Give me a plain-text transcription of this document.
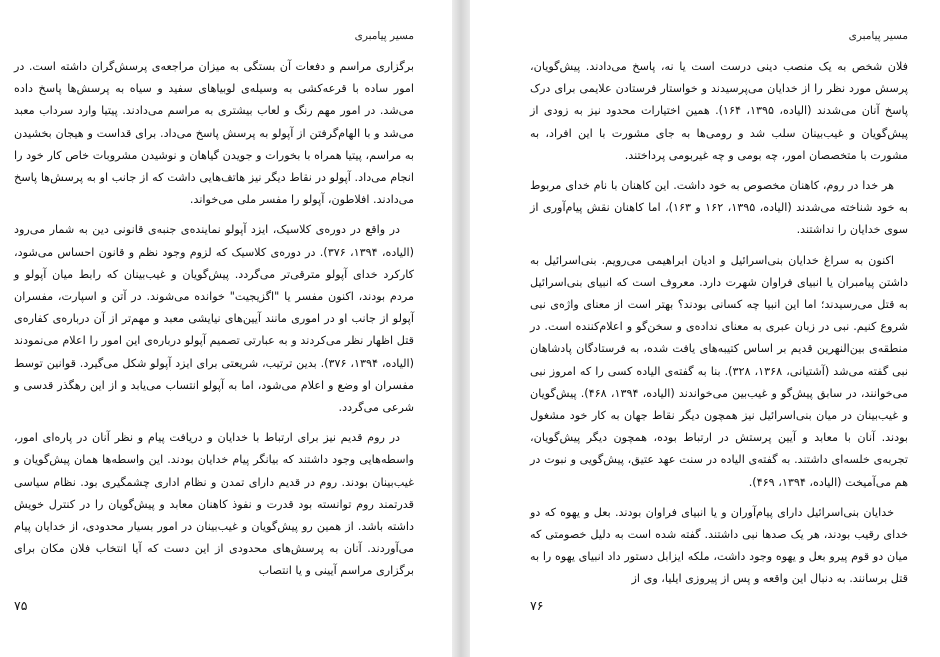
مسیر پیامبری

برگزاری مراسم و دفعات آن بستگی به میزان مراجعه‌ی پرسش‌گران داشته است. در امور ساده با قرعه‌کشی به وسیله‌ی لوبیاهای سفید و سیاه به پرسش‌ها پاسخ داده می‌شد. در امور مهم رنگ و لعاب بیشتری به مراسم می‌دادند. پیتیا وارد سرداب معبد می‌شد و با الهام‌گرفتن از آپولو به پرسش پاسخ می‌داد. برای قداست و هیجان بخشیدن به مراسم، پیتیا همراه با بخورات و جویدن گیاهان و نوشیدن مشروبات خاص کار خود را انجام می‌داد. آپولو در نقاط دیگر نیز هاتف‌هایی داشت که از جانب او به پرسش‌ها پاسخ می‌دادند. افلاطون، آپولو را مفسر ملی می‌خواند.

در واقع در دوره‌ی کلاسیک، ایزد آپولو نماینده‌ی جنبه‌ی قانونی دین به شمار می‌رود (الیاده، ۱۳۹۴، ۳۷۶). در دوره‌ی کلاسیک که لزوم وجود نظم و قانون احساس می‌شود، کارکرد خدای آپولو مترقی‌تر می‌گردد. پیش‌گویان و غیب‌بینان که رابط میان آپولو و مردم بودند، اکنون مفسر یا "اگزیجیت" خوانده می‌شوند. در آتن و اسپارت، مفسران آپولو از جانب او در اموری مانند آیین‌های نیایشی معبد و مهم‌تر از آن درباره‌ی کفاره‌ی قتل اظهار نظر می‌کردند و به عبارتی تصمیم آپولو درباره‌ی این امور را اعلام می‌نمودند (الیاده، ۱۳۹۴، ۳۷۶). بدین ترتیب، شریعتی برای ایزد آپولو شکل می‌گیرد. قوانین توسط مفسران او وضع و اعلام می‌شود، اما به آپولو انتساب می‌یابد و از این رهگذر قدسی و شرعی می‌گردد.

در روم قدیم نیز برای ارتباط با خدایان و دریافت پیام و نظر آنان در پاره‌ای امور، واسطه‌هایی وجود داشتند که بیانگر پیام خدایان بودند. این واسطه‌ها همان پیش‌گویان و غیب‌بینان بودند. روم در قدیم دارای تمدن و نظام اداری چشمگیری بود. نظام سیاسی قدرتمند روم توانسته بود قدرت و نفوذ کاهنان معابد و پیش‌گویان را در کنترل خویش داشته باشد. از همین رو پیش‌گویان و غیب‌بینان در امور بسیار محدودی، از خدایان پیام می‌آوردند. آنان به پرسش‌های محدودی از این دست که آیا انتخاب فلان مکان برای برگزاری مراسم آیینی و یا انتصاب

۷۵
مسیر پیامبری

فلان شخص به یک منصب دینی درست است یا نه، پاسخ می‌دادند. پیش‌گویان، پرسش مورد نظر را از خدایان می‌پرسیدند و خواستار فرستادن علایمی برای درک پاسخ آنان می‌شدند (الیاده، ۱۳۹۵، ۱۶۴). همین اختیارات محدود نیز به زودی از پیش‌گویان و غیب‌بینان سلب شد و رومی‌ها به جای مشورت با این افراد، به مشورت با متخصصان امور، چه بومی و چه غیربومی پرداختند.

هر خدا در روم، کاهنان مخصوص به خود داشت. این کاهنان با نام خدای مربوط به خود شناخته می‌شدند (الیاده، ۱۳۹۵، ۱۶۲ و ۱۶۳)، اما کاهنان نقش پیام‌آوری از سوی خدایان را نداشتند.

اکنون به سراغ خدایان بنی‌اسرائیل و ادیان ابراهیمی می‌رویم. بنی‌اسرائیل به داشتن پیامبران یا انبیای فراوان شهرت دارد. معروف است که انبیای بنی‌اسرائیل به قتل می‌رسیدند؛ اما این انبیا چه کسانی بودند؟ بهتر است از معنای واژه‌ی نبی شروع کنیم. نبی در زبان عبری به معنای نداده‌ی و سخن‌گو و اعلام‌کننده است. در منطقه‌ی بین‌النهرین قدیم بر اساس کتیبه‌های یافت شده، به فرستادگان پادشاهان نبی گفته می‌شد (آشتیانی، ۱۳۶۸، ۳۲۸). بنا به گفته‌ی الیاده کسی را که امروز نبی می‌خوانند، در سابق پیش‌گو و غیب‌بین می‌خواندند (الیاده، ۱۳۹۴، ۴۶۸). پیش‌گویان و غیب‌بینان در میان بنی‌اسرائیل نیز همچون دیگر نقاط جهان به کار خود مشغول بودند. آنان با معابد و آیین پرستش در ارتباط بوده، همچون دیگر پیش‌گویان، تجربه‌ی خلسه‌ای داشتند. به گفته‌ی الیاده در سنت عهد عتیق، پیش‌گویی و نبوت در هم می‌آمیخت (الیاده، ۱۳۹۴، ۴۶۹).

خدایان بنی‌اسرائیل دارای پیام‌آوران و یا انبیای فراوان بودند. بعل و یهوه که دو خدای رقیب بودند، هر یک صدها نبی داشتند. گفته شده است به دلیل خصومتی که میان دو قوم پیرو بعل و یهوه وجود داشت، ملکه ایزابل دستور داد انبیای یهوه را به قتل برسانند. به دنبال این واقعه و پس از پیروزی ایلیا، وی از

۷۶
